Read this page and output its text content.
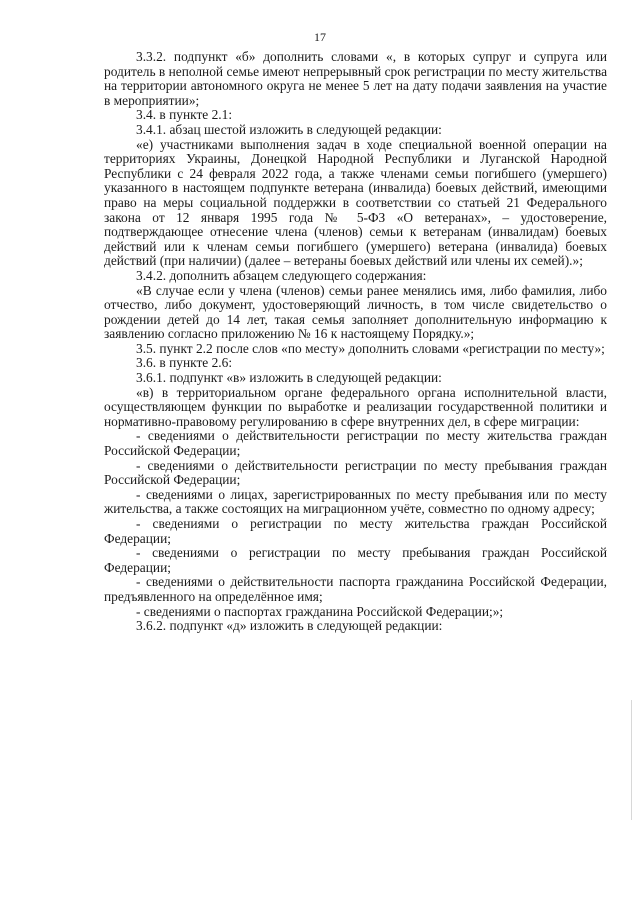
17

3.3.2. подпункт «б» дополнить словами «, в которых супруг и супруга или родитель в неполной семье имеют непрерывный срок регистрации по месту жительства на территории автономного округа не менее 5 лет на дату подачи заявления на участие в мероприятии»;

3.4. в пункте 2.1:

3.4.1. абзац шестой изложить в следующей редакции:

«е) участниками выполнения задач в ходе специальной военной операции на территориях Украины, Донецкой Народной Республики и Луганской Народной Республики с 24 февраля 2022 года, а также членами семьи погибшего (умершего) указанного в настоящем подпункте ветерана (инвалида) боевых действий, имеющими право на меры социальной поддержки в соответствии со статьей 21 Федерального закона от 12 января 1995 года № 5-ФЗ «О ветеранах», – удостоверение, подтверждающее отнесение члена (членов) семьи к ветеранам (инвалидам) боевых действий или к членам семьи погибшего (умершего) ветерана (инвалида) боевых действий (при наличии) (далее – ветераны боевых действий или члены их семей).»;

3.4.2. дополнить абзацем следующего содержания:

«В случае если у члена (членов) семьи ранее менялись имя, либо фамилия, либо отчество, либо документ, удостоверяющий личность, в том числе свидетельство о рождении детей до 14 лет, такая семья заполняет дополнительную информацию к заявлению согласно приложению № 16 к настоящему Порядку.»;

3.5. пункт 2.2 после слов «по месту» дополнить словами «регистрации по месту»;

3.6. в пункте 2.6:

3.6.1. подпункт «в» изложить в следующей редакции:

«в) в территориальном органе федерального органа исполнительной власти, осуществляющем функции по выработке и реализации государственной политики и нормативно-правовому регулированию в сфере внутренних дел, в сфере миграции:

- сведениями о действительности регистрации по месту жительства граждан Российской Федерации;

- сведениями о действительности регистрации по месту пребывания граждан Российской Федерации;

- сведениями о лицах, зарегистрированных по месту пребывания или по месту жительства, а также состоящих на миграционном учёте, совместно по одному адресу;

- сведениями о регистрации по месту жительства граждан Российской Федерации;

- сведениями о регистрации по месту пребывания граждан Российской Федерации;

- сведениями о действительности паспорта гражданина Российской Федерации, предъявленного на определённое имя;

- сведениями о паспортах гражданина Российской Федерации;»;

3.6.2. подпункт «д» изложить в следующей редакции:
